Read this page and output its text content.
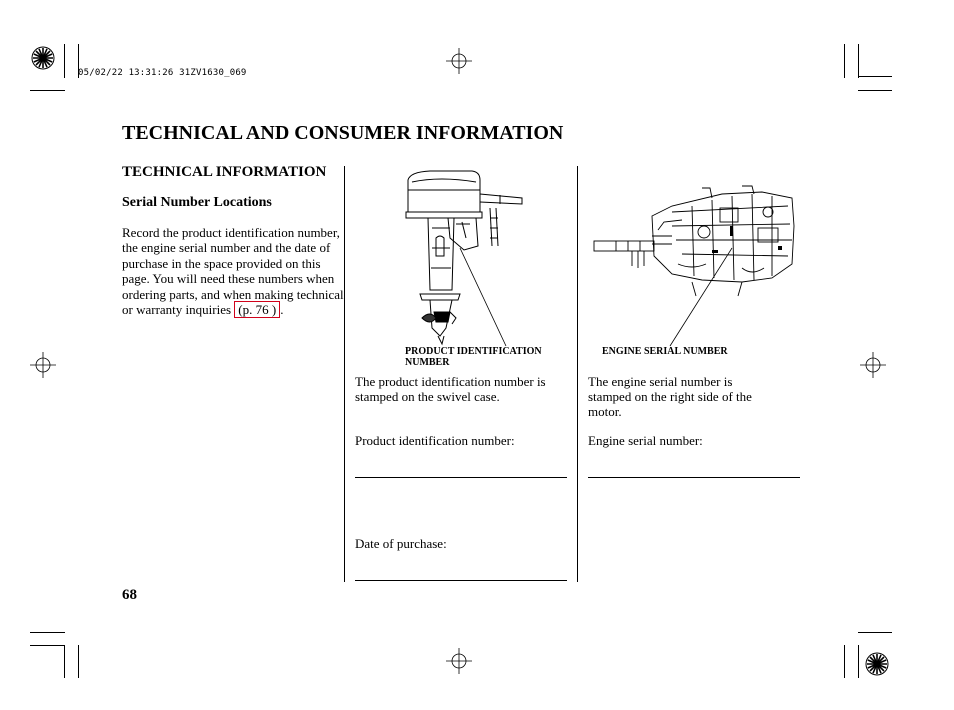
05/02/22 13:31:26 31ZV1630_069
TECHNICAL AND CONSUMER INFORMATION
TECHNICAL INFORMATION
Serial Number Locations
Record the product identification number, the engine serial number and the date of purchase in the space provided on this page. You will need these numbers when ordering parts, and when making technical or warranty inquiries (p. 76 ) .
PRODUCT IDENTIFICATION NUMBER
ENGINE SERIAL NUMBER
The product identification number is stamped on the swivel case.
Product identification number:
Date of purchase:
The engine serial number is stamped on the right side of the motor.
Engine serial number:
68
